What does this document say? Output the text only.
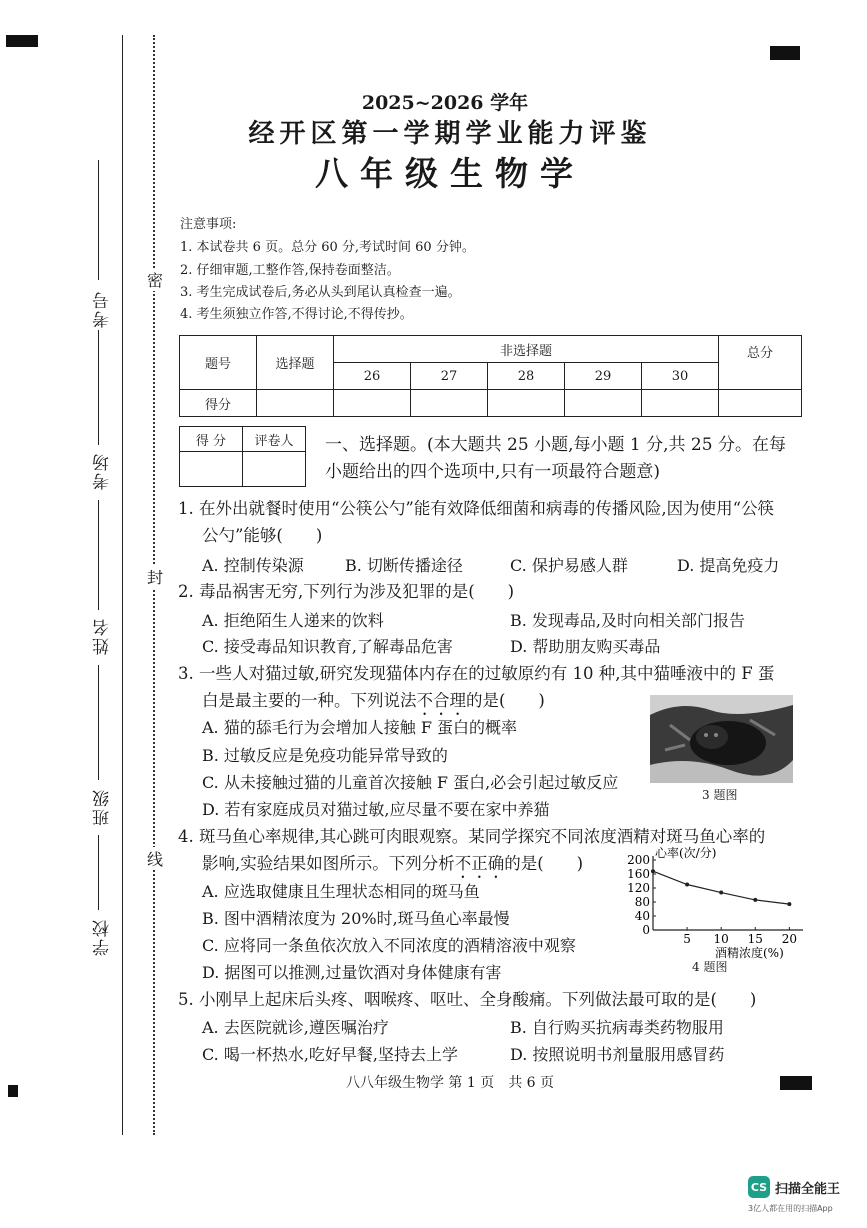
考号
考场
姓名
班级
学校
密
封
线
2025~2026 学年
经开区第一学期学业能力评鉴
八年级生物学
注意事项:
1. 本试卷共 6 页。总分 60 分,考试时间 60 分钟。
2. 仔细审题,工整作答,保持卷面整洁。
3. 考生完成试卷后,务必从头到尾认真检查一遍。
4. 考生须独立作答,不得讨论,不得传抄。
题号	选择题	非选择题					总分
		26	27	28	29	30	
得分							
得 分	评卷人
	一、选择题。(本大题共 25 小题,每小题 1 分,共 25 分。在每小题给出的四个选项中,只有一项最符合题意)
1. 在外出就餐时使用“公筷公勺”能有效降低细菌和病毒的传播风险,因为使用“公筷
公勺”能够(　　)
A. 控制传染源	B. 切断传播途径	C. 保护易感人群	D. 提高免疫力
2. 毒品祸害无穷,下列行为涉及犯罪的是(　　)
A. 拒绝陌生人递来的饮料	B. 发现毒品,及时向相关部门报告
C. 接受毒品知识教育,了解毒品危害	D. 帮助朋友购买毒品
3. 一些人对猫过敏,研究发现猫体内存在的过敏原约有 10 种,其中猫唾液中的 F 蛋
白是最主要的一种。下列说法不合理的是(　　)
A. 猫的舔毛行为会增加人接触 F 蛋白的概率
B. 过敏反应是免疫功能异常导致的
C. 从未接触过猫的儿童首次接触 F 蛋白,必会引起过敏反应
D. 若有家庭成员对猫过敏,应尽量不要在家中养猫
3 题图
4. 斑马鱼心率规律,其心跳可肉眼观察。某同学探究不同浓度酒精对斑马鱼心率的
影响,实验结果如图所示。下列分析不正确的是(　　)
A. 应选取健康且生理状态相同的斑马鱼
B. 图中酒精浓度为 20%时,斑马鱼心率最慢
C. 应将同一条鱼依次放入不同浓度的酒精溶液中观察
D. 据图可以推测,过量饮酒对身体健康有害
0
40
80
120
160
200
5 10 15 20
心率(次/分)
酒精浓度(%)
4 题图
5. 小刚早上起床后头疼、咽喉疼、呕吐、全身酸痛。下列做法最可取的是(　　)
A. 去医院就诊,遵医嘱治疗	B. 自行购买抗病毒类药物服用
C. 喝一杯热水,吃好早餐,坚持去上学	D. 按照说明书剂量服用感冒药
八八年级生物学 第 1 页　共 6 页
CS 扫描全能王
3亿人都在用的扫描App
